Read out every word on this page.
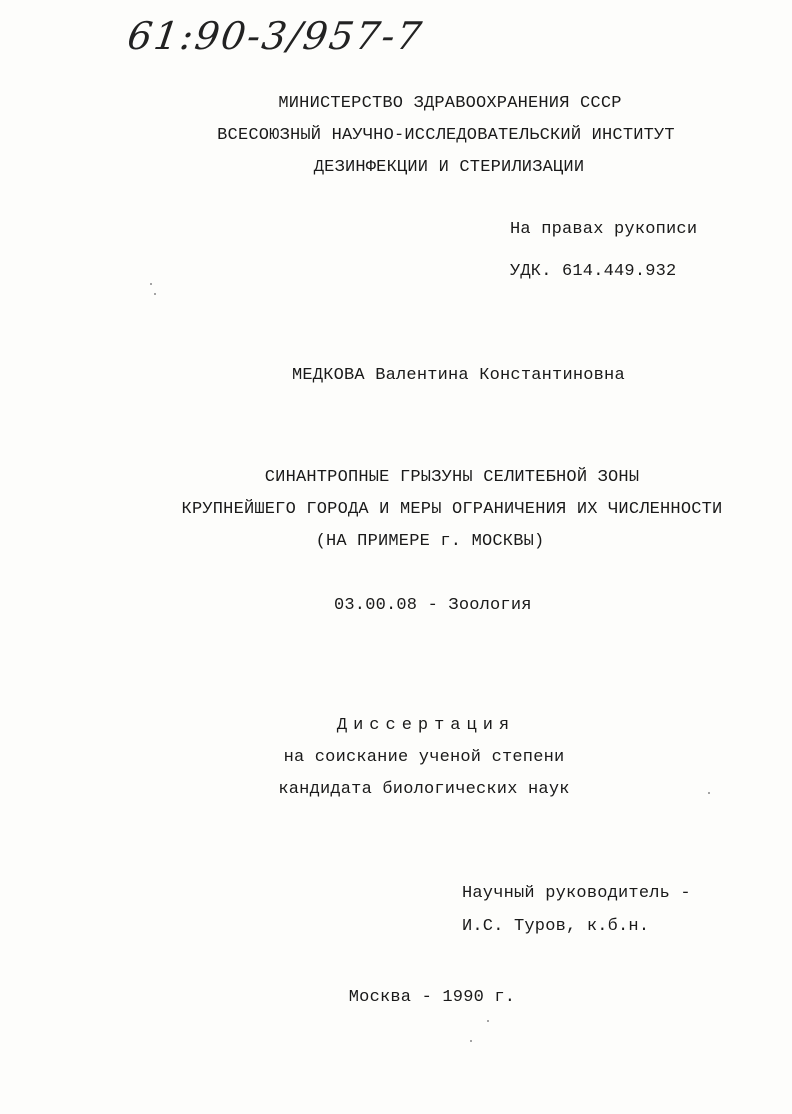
61:90-3/957-7
МИНИСТЕРСТВО ЗДРАВООХРАНЕНИЯ СССР
ВСЕСОЮЗНЫЙ НАУЧНО-ИССЛЕДОВАТЕЛЬСКИЙ ИНСТИТУТ
ДЕЗИНФЕКЦИИ И СТЕРИЛИЗАЦИИ
На правах рукописи
УДК. 614.449.932
МЕДКОВА Валентина Константиновна
СИНАНТРОПНЫЕ ГРЫЗУНЫ СЕЛИТЕБНОЙ ЗОНЫ
КРУПНЕЙШЕГО ГОРОДА И МЕРЫ ОГРАНИЧЕНИЯ ИХ ЧИСЛЕННОСТИ
(НА ПРИМЕРЕ г. МОСКВЫ)
03.00.08 - Зоология
Диссертация
на соискание ученой степени
кандидата биологических наук
Научный руководитель -
И.С. Туров, к.б.н.
Москва - 1990 г.
